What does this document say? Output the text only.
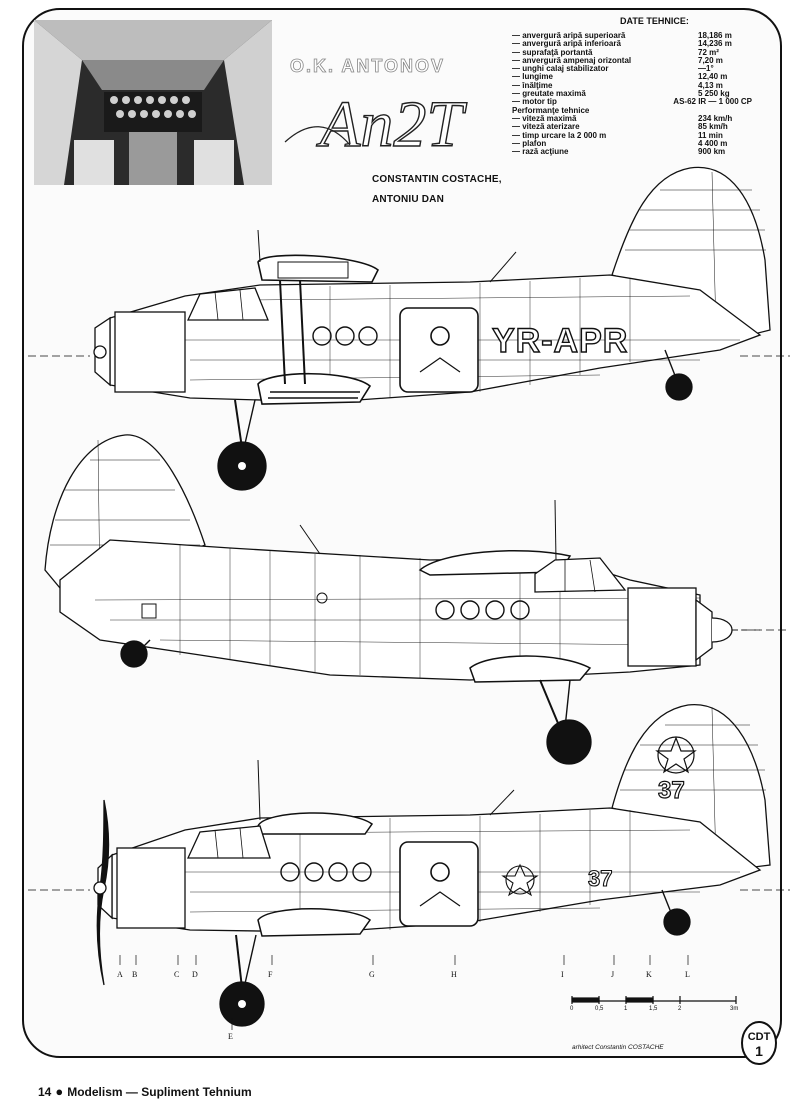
O.K. ANTONOV
An2T
CONSTANTIN COSTACHE,
ANTONIU DAN
DATE TEHNICE:
— anvergură aripă superioară	18,186 m
— anvergură aripă inferioară	14,236 m
— suprafaţă portantă	72 m²
— anvergură ampenaj orizontal	7,20 m
— unghi calaj stabilizator	—1°
— lungime	12,40 m
— înălţime	4,13 m
— greutate maximă	5 250 kg
— motor tip	AS-62 IR — 1 000 CP
Performanţe tehnice
— viteză maximă	234 km/h
— viteză aterizare	85 km/h
— timp urcare la 2 000 m	11 min
— plafon	4 400 m
— rază acţiune	900 km
YR-APR
37
37
A B	C D
E
F	G	H	I	J	K	L
0	0,5	1	1,5	2	3m
arhitect Constantin COSTACHE
CDT
1
14 ● Modelism — Supliment Tehnium
